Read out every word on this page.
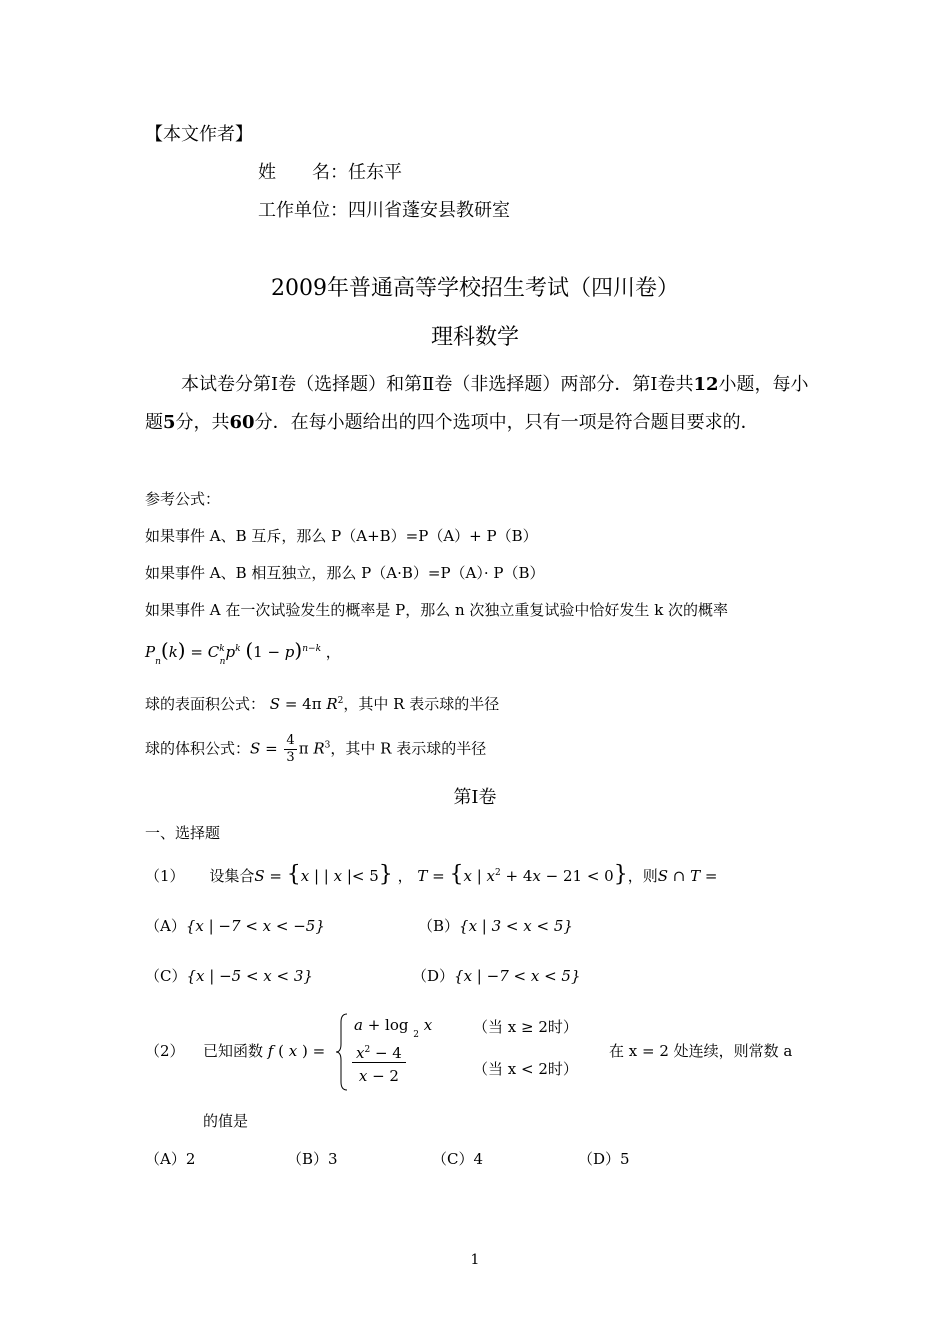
【本文作者】
姓　　名：任东平
工作单位：四川省蓬安县教研室
2009年普通高等学校招生考试（四川卷）
理科数学
本试卷分第Ⅰ卷（选择题）和第Ⅱ卷（非选择题）两部分．第Ⅰ卷共12小题，每小题5分，共60分．在每小题给出的四个选项中，只有一项是符合题目要求的．
参考公式：
如果事件 A、B 互斥，那么 P（A+B）=P（A）+ P（B）
如果事件 A、B 相互独立，那么 P（A·B）=P（A）· P（B）
如果事件 A 在一次试验发生的概率是 P，那么 n 次独立重复试验中恰好发生 k 次的概率
$P_n(k) = C^k_np^k$ $(1 - p)^{n-k}$ ，
球的表面积公式： S = 4π $R^2$，其中 R 表示球的半径
球的体积公式：$S = \frac{4}{3}$ π $R^3$，其中 R 表示球的半径
第Ⅰ卷
一、选择题
（1） 设集合S = {x | | x |< 5} ， T = {x | $x^2 + 4x - 21 < 0$}，则S ∩ T =
（A）{x | −7 < x < −5}	（B）{x | 3 < x < 5}
（C）{x | −5 < x < 3}	（D）{x | −7 < x < 5}
（2） 已知函数 f ( x ) =
a + log $_2$ x	（当 x ≥ 2时）
$x^2 - 4$
x − 2	（当 x < 2时）
在 x = 2 处连续，则常数 a
的值是
（A）2	（B）3	（C）4	（D）5
1
